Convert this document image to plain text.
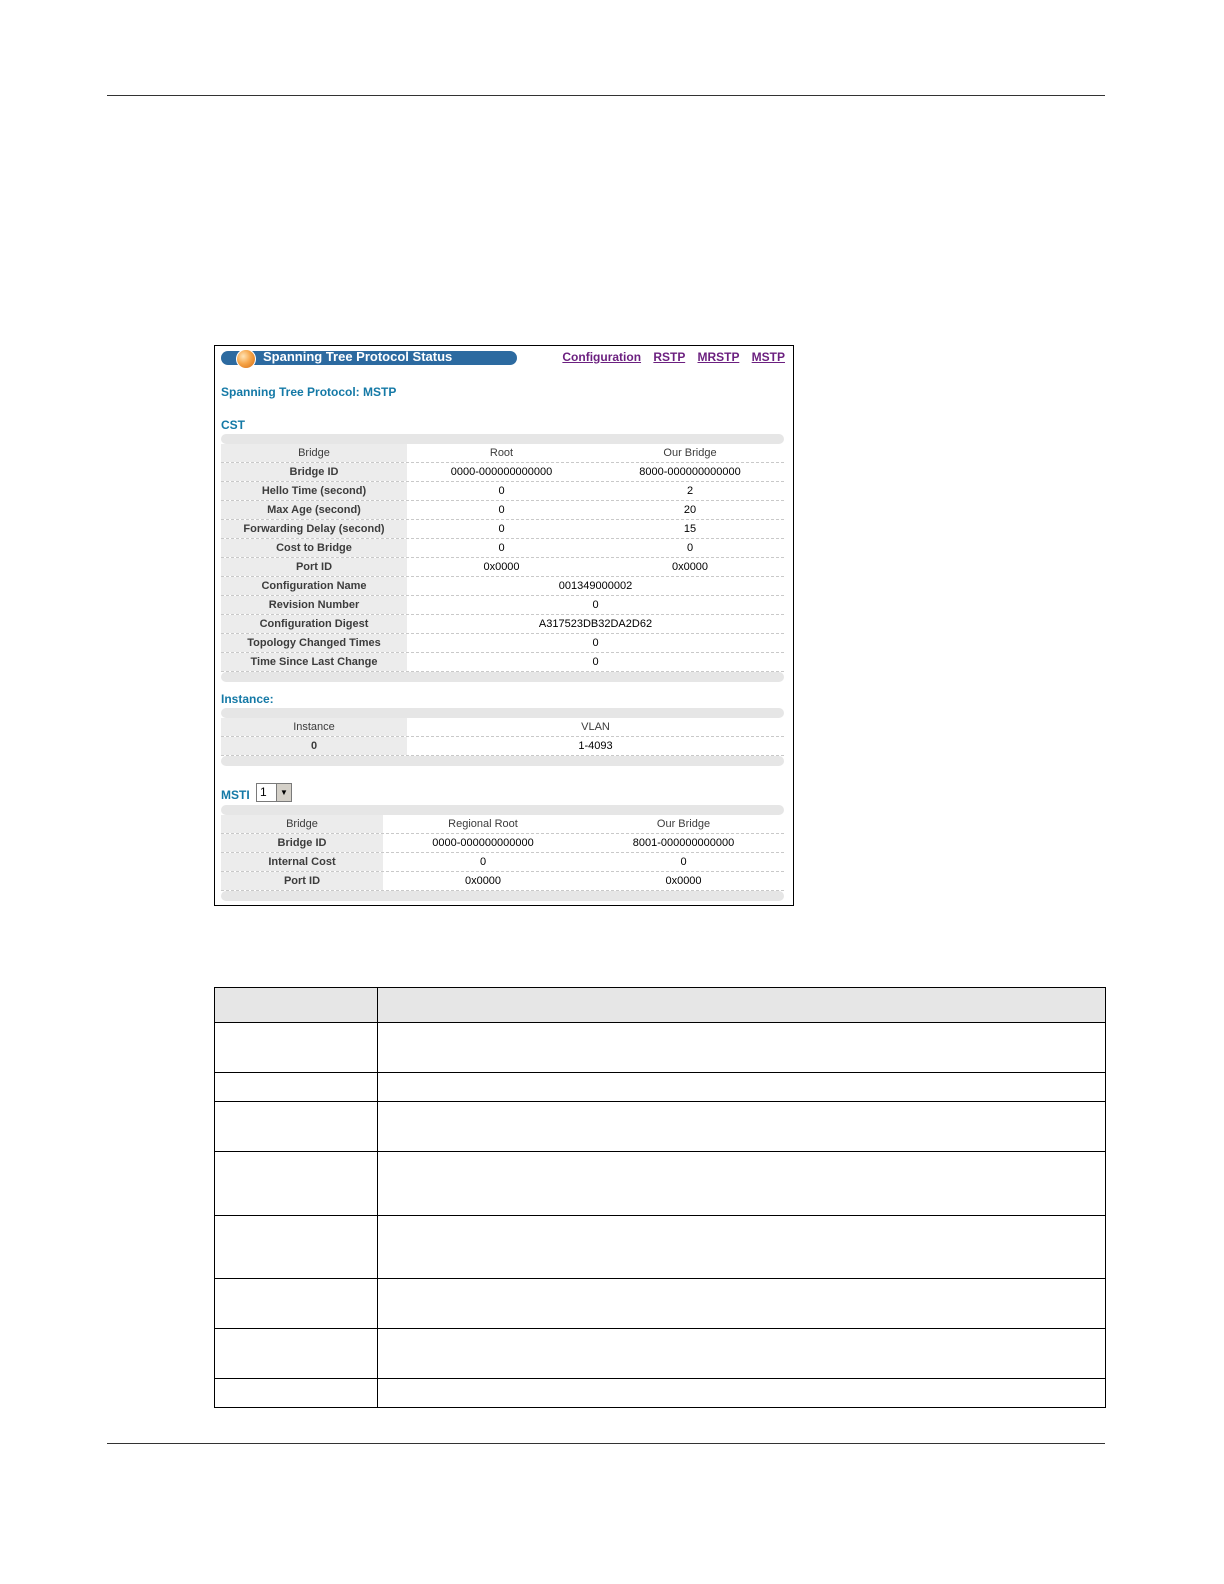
Spanning Tree Protocol Status	Configuration RSTP MRSTP MSTP
Spanning Tree Protocol: MSTP
CST
Bridge	Root	Our Bridge
Bridge ID	0000-000000000000	8000-000000000000
Hello Time (second)	0	2
Max Age (second)	0	20
Forwarding Delay (second)	0	15
Cost to Bridge	0	0
Port ID	0x0000	0x0000
Configuration Name	001349000002
Revision Number	0
Configuration Digest	A317523DB32DA2D62
Topology Changed Times	0
Time Since Last Change	0
Instance:
Instance	VLAN
0	1-4093
MSTI 1	▼
Bridge	Regional Root	Our Bridge
Bridge ID	0000-000000000000	8001-000000000000
Internal Cost	0	0
Port ID	0x0000	0x0000
